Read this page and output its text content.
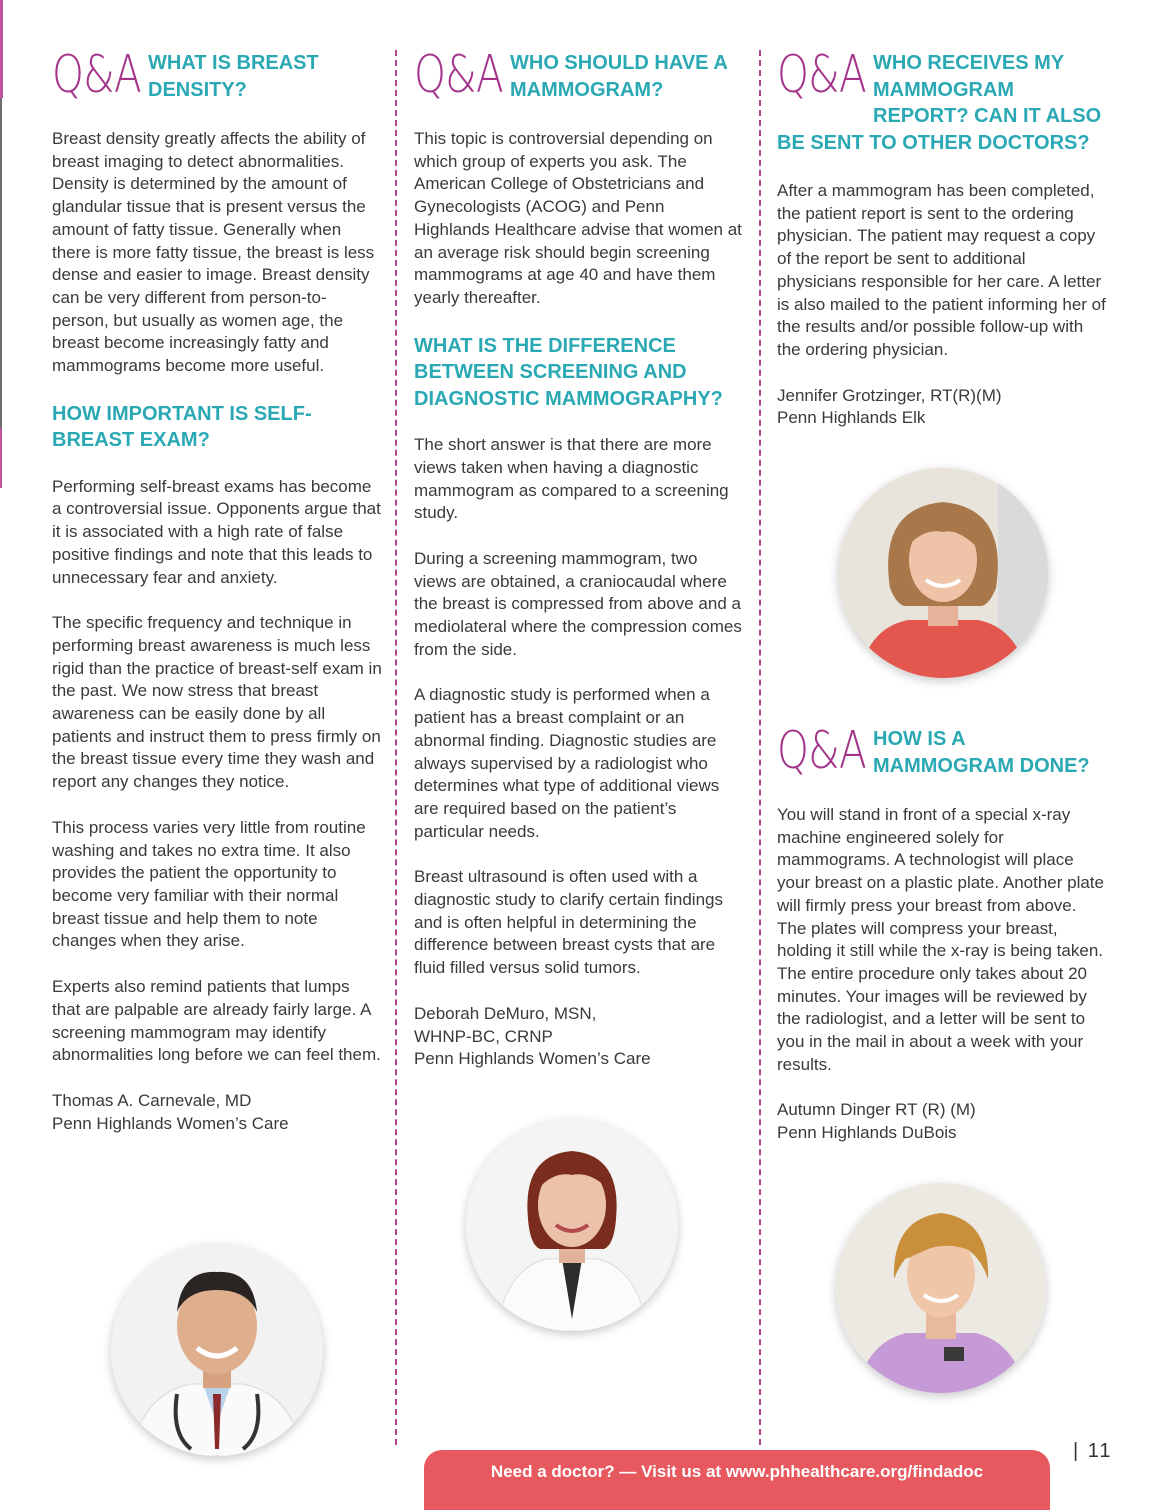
Q&A WHAT IS BREAST DENSITY?

Breast density greatly affects the ability of breast imaging to detect abnormalities. Density is determined by the amount of glandular tissue that is present versus the amount of fatty tissue. Generally when there is more fatty tissue, the breast is less dense and easier to image. Breast density can be very different from person-to-person, but usually as women age, the breast become increasingly fatty and mammograms become more useful.

HOW IMPORTANT IS SELF-BREAST EXAM?

Performing self-breast exams has become a controversial issue. Opponents argue that it is associated with a high rate of false positive findings and note that this leads to unnecessary fear and anxiety.

The specific frequency and technique in performing breast awareness is much less rigid than the practice of breast-self exam in the past. We now stress that breast awareness can be easily done by all patients and instruct them to press firmly on the breast tissue every time they wash and report any changes they notice.

This process varies very little from routine washing and takes no extra time. It also provides the patient the opportunity to become very familiar with their normal breast tissue and help them to note changes when they arise.

Experts also remind patients that lumps that are palpable are already fairly large. A screening mammogram may identify abnormalities long before we can feel them.

Thomas A. Carnevale, MD
Penn Highlands Women’s Care

Q&A WHO SHOULD HAVE A MAMMOGRAM?

This topic is controversial depending on which group of experts you ask. The American College of Obstetricians and Gynecologists (ACOG) and Penn Highlands Healthcare advise that women at an average risk should begin screening mammograms at age 40 and have them yearly thereafter.

WHAT IS THE DIFFERENCE BETWEEN SCREENING AND DIAGNOSTIC MAMMOGRAPHY?

The short answer is that there are more views taken when having a diagnostic mammogram as compared to a screening study.

During a screening mammogram, two views are obtained, a craniocaudal where the breast is compressed from above and a mediolateral where the compression comes from the side.

A diagnostic study is performed when a patient has a breast complaint or an abnormal finding. Diagnostic studies are always supervised by a radiologist who determines what type of additional views are required based on the patient’s particular needs.

Breast ultrasound is often used with a diagnostic study to clarify certain findings and is often helpful in determining the difference between breast cysts that are fluid filled versus solid tumors.

Deborah DeMuro, MSN,
WHNP-BC, CRNP
Penn Highlands Women’s Care

Q&A WHO RECEIVES MY MAMMOGRAM REPORT? CAN IT ALSO BE SENT TO OTHER DOCTORS?

After a mammogram has been completed, the patient report is sent to the ordering physician. The patient may request a copy of the report be sent to additional physicians responsible for her care. A letter is also mailed to the patient informing her of the results and/or possible follow-up with the ordering physician.

Jennifer Grotzinger, RT(R)(M)
Penn Highlands Elk

Q&A HOW IS A MAMMOGRAM DONE?

You will stand in front of a special x-ray machine engineered solely for mammograms. A technologist will place your breast on a plastic plate. Another plate will firmly press your breast from above. The plates will compress your breast, holding it still while the x-ray is being taken. The entire procedure only takes about 20 minutes. Your images will be reviewed by the radiologist, and a letter will be sent to you in the mail in about a week with your results.

Autumn Dinger RT (R) (M)
Penn Highlands DuBois

Need a doctor? — Visit us at www.phhealthcare.org/findadoc
| 11
